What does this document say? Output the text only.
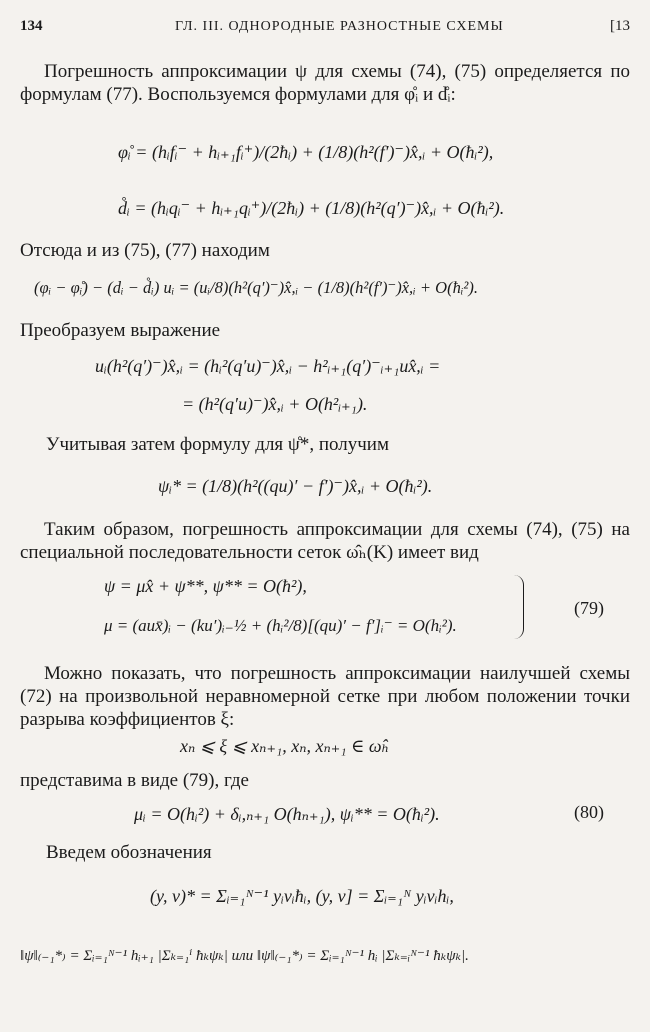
134	ГЛ. III. ОДНОРОДНЫЕ РАЗНОСТНЫЕ СХЕМЫ	[13
Погрешность аппроксимации ψ для схемы (74), (75) определяется по формулам (77). Воспользуемся формулами для φ̊ᵢ и d̊ᵢ:
φ̊ᵢ = (hᵢfᵢ⁻ + hᵢ₊₁fᵢ⁺)/(2ħᵢ) + (1/8)(h²(f′)⁻)x̂,ᵢ + O(ħᵢ²),
d̊ᵢ = (hᵢqᵢ⁻ + hᵢ₊₁qᵢ⁺)/(2ħᵢ) + (1/8)(h²(q′)⁻)x̂,ᵢ + O(ħᵢ²).
Отсюда и из (75), (77) находим
(φᵢ − φ̊ᵢ) − (dᵢ − d̊ᵢ) uᵢ = (uᵢ/8)(h²(q′)⁻)x̂,ᵢ − (1/8)(h²(f′)⁻)x̂,ᵢ + O(ħᵢ²).
Преобразуем выражение
uᵢ(h²(q′)⁻)x̂,ᵢ = (hᵢ²(q′u)⁻)x̂,ᵢ − h²ᵢ₊₁(q′)⁻ᵢ₊₁ux̂,ᵢ =
= (h²(q′u)⁻)x̂,ᵢ + O(h²ᵢ₊₁).
Учитывая затем формулу для ψ̊*, получим
ψᵢ* = (1/8)(h²((qu)′ − f′)⁻)x̂,ᵢ + O(ħᵢ²).
Таким образом, погрешность аппроксимации для схемы (74), (75) на специальной последовательности сеток ω̂ₕ(K) имеет вид
ψ = μx̂ + ψ**, ψ** = O(ħ²),
μ = (aux̄)ᵢ − (ku′)ᵢ₋½ + (hᵢ²/8)[(qu)′ − f′]ᵢ⁻ = O(hᵢ²).
(79)
Можно показать, что погрешность аппроксимации наилучшей схемы (72) на произвольной неравномерной сетке при любом положении точки разрыва коэффициентов ξ:
xₙ ⩽ ξ ⩽ xₙ₊₁, xₙ, xₙ₊₁ ∈ ω̂ₕ
представима в виде (79), где
μᵢ = O(hᵢ²) + δᵢ,ₙ₊₁ O(hₙ₊₁), ψᵢ** = O(ħᵢ²).	(80)
Введем обозначения
(y, v)* = Σᵢ₌₁ᴺ⁻¹ yᵢvᵢħᵢ, (y, v] = Σᵢ₌₁ᴺ yᵢvᵢhᵢ,
‖ψ‖₍₋₁*₎ = Σᵢ₌₁ᴺ⁻¹ hᵢ₊₁ |Σₖ₌₁ⁱ ħₖψₖ| или ‖ψ‖₍₋₁*₎ = Σᵢ₌₁ᴺ⁻¹ hᵢ |Σₖ₌ᵢᴺ⁻¹ ħₖψₖ|.
